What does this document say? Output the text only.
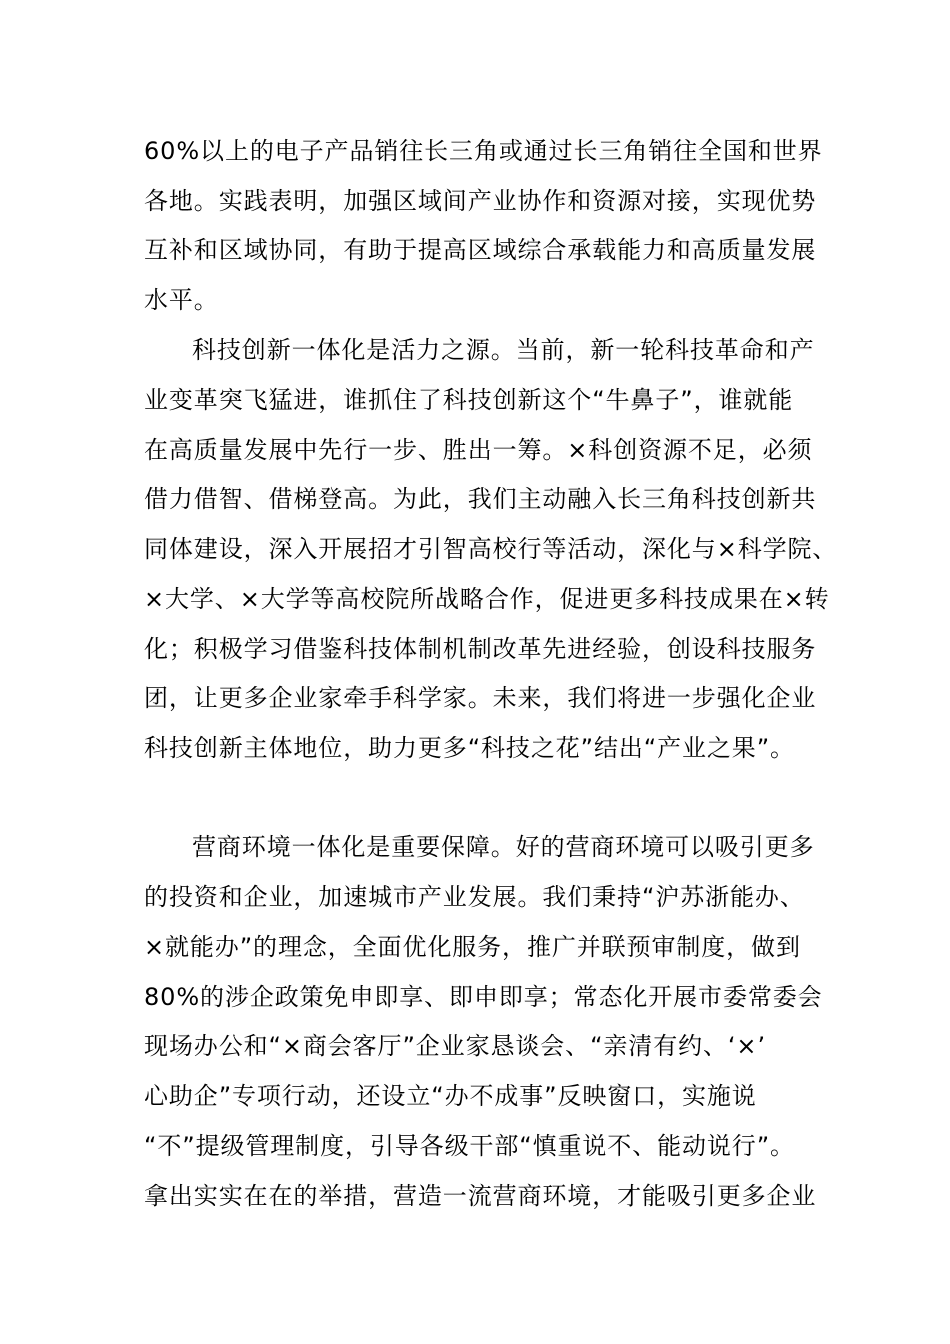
60%以上的电子产品销往长三角或通过长三角销往全国和世界
各地。实践表明，加强区域间产业协作和资源对接，实现优势
互补和区域协同，有助于提高区域综合承载能力和高质量发展
水平。
科技创新一体化是活力之源。当前，新一轮科技革命和产
业变革突飞猛进，谁抓住了科技创新这个“牛鼻子”，谁就能
在高质量发展中先行一步、胜出一筹。×科创资源不足，必须
借力借智、借梯登高。为此，我们主动融入长三角科技创新共
同体建设，深入开展招才引智高校行等活动，深化与×科学院、
×大学、×大学等高校院所战略合作，促进更多科技成果在×转
化；积极学习借鉴科技体制机制改革先进经验，创设科技服务
团，让更多企业家牵手科学家。未来，我们将进一步强化企业
科技创新主体地位，助力更多“科技之花”结出“产业之果”。
营商环境一体化是重要保障。好的营商环境可以吸引更多
的投资和企业，加速城市产业发展。我们秉持“沪苏浙能办、
×就能办”的理念，全面优化服务，推广并联预审制度，做到
80%的涉企政策免申即享、即申即享；常态化开展市委常委会
现场办公和“×商会客厅”企业家恳谈会、“亲清有约、‘×’
心助企”专项行动，还设立“办不成事”反映窗口，实施说
“不”提级管理制度，引导各级干部“慎重说不、能动说行”。
拿出实实在在的举措，营造一流营商环境，才能吸引更多企业
